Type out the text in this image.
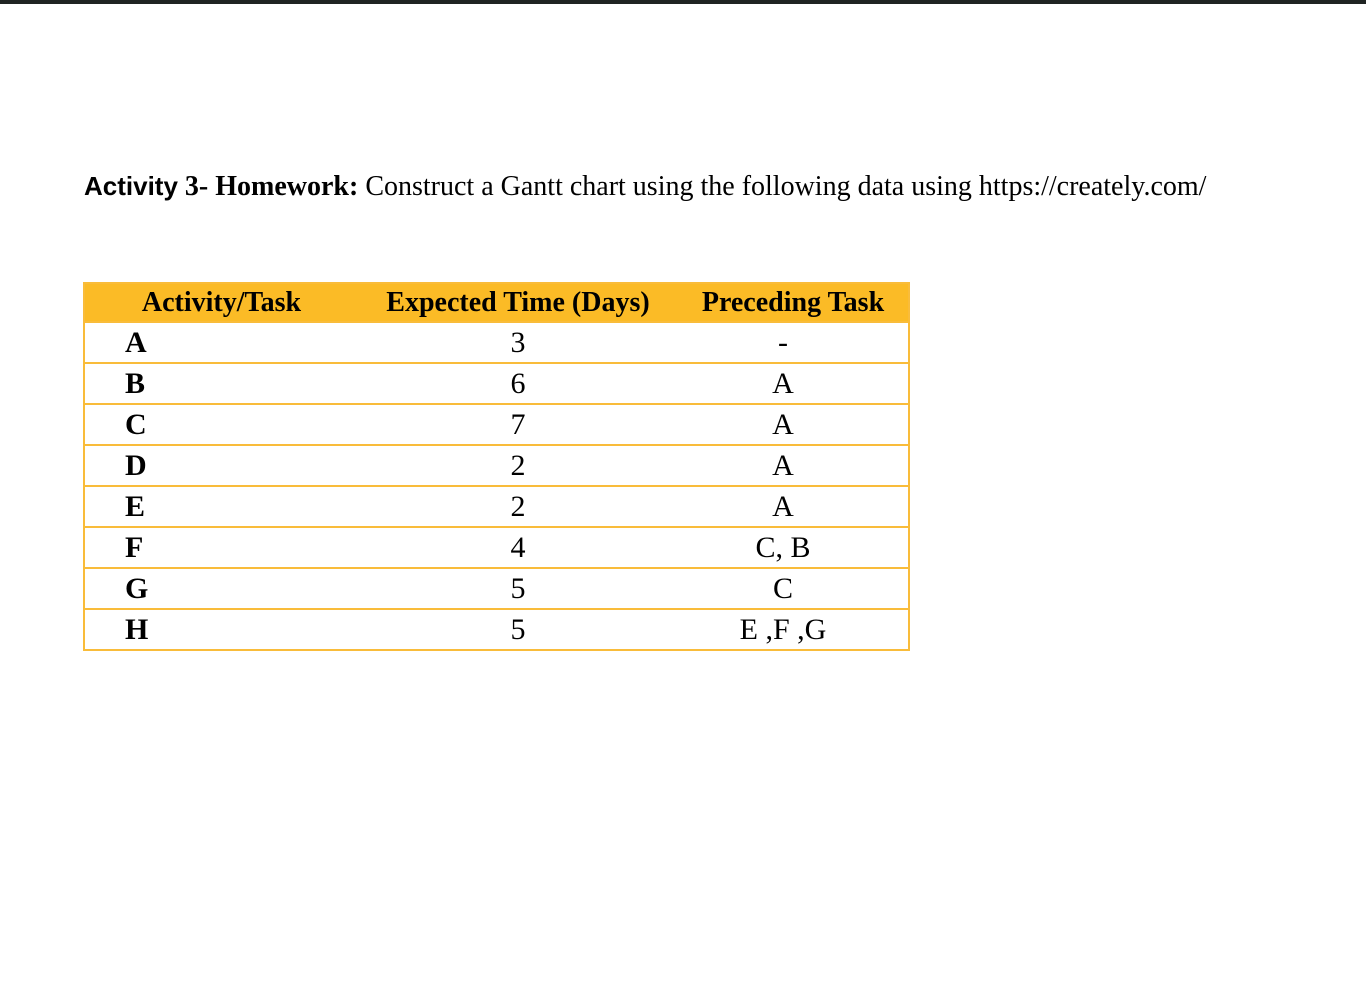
Activity 3- Homework: Construct a Gantt chart using the following data using https://creately.com/
Activity/Task	Expected Time (Days)	Preceding Task
A	3	-
B	6	A
C	7	A
D	2	A
E	2	A
F	4	C, B
G	5	C
H	5	E ,F ,G
